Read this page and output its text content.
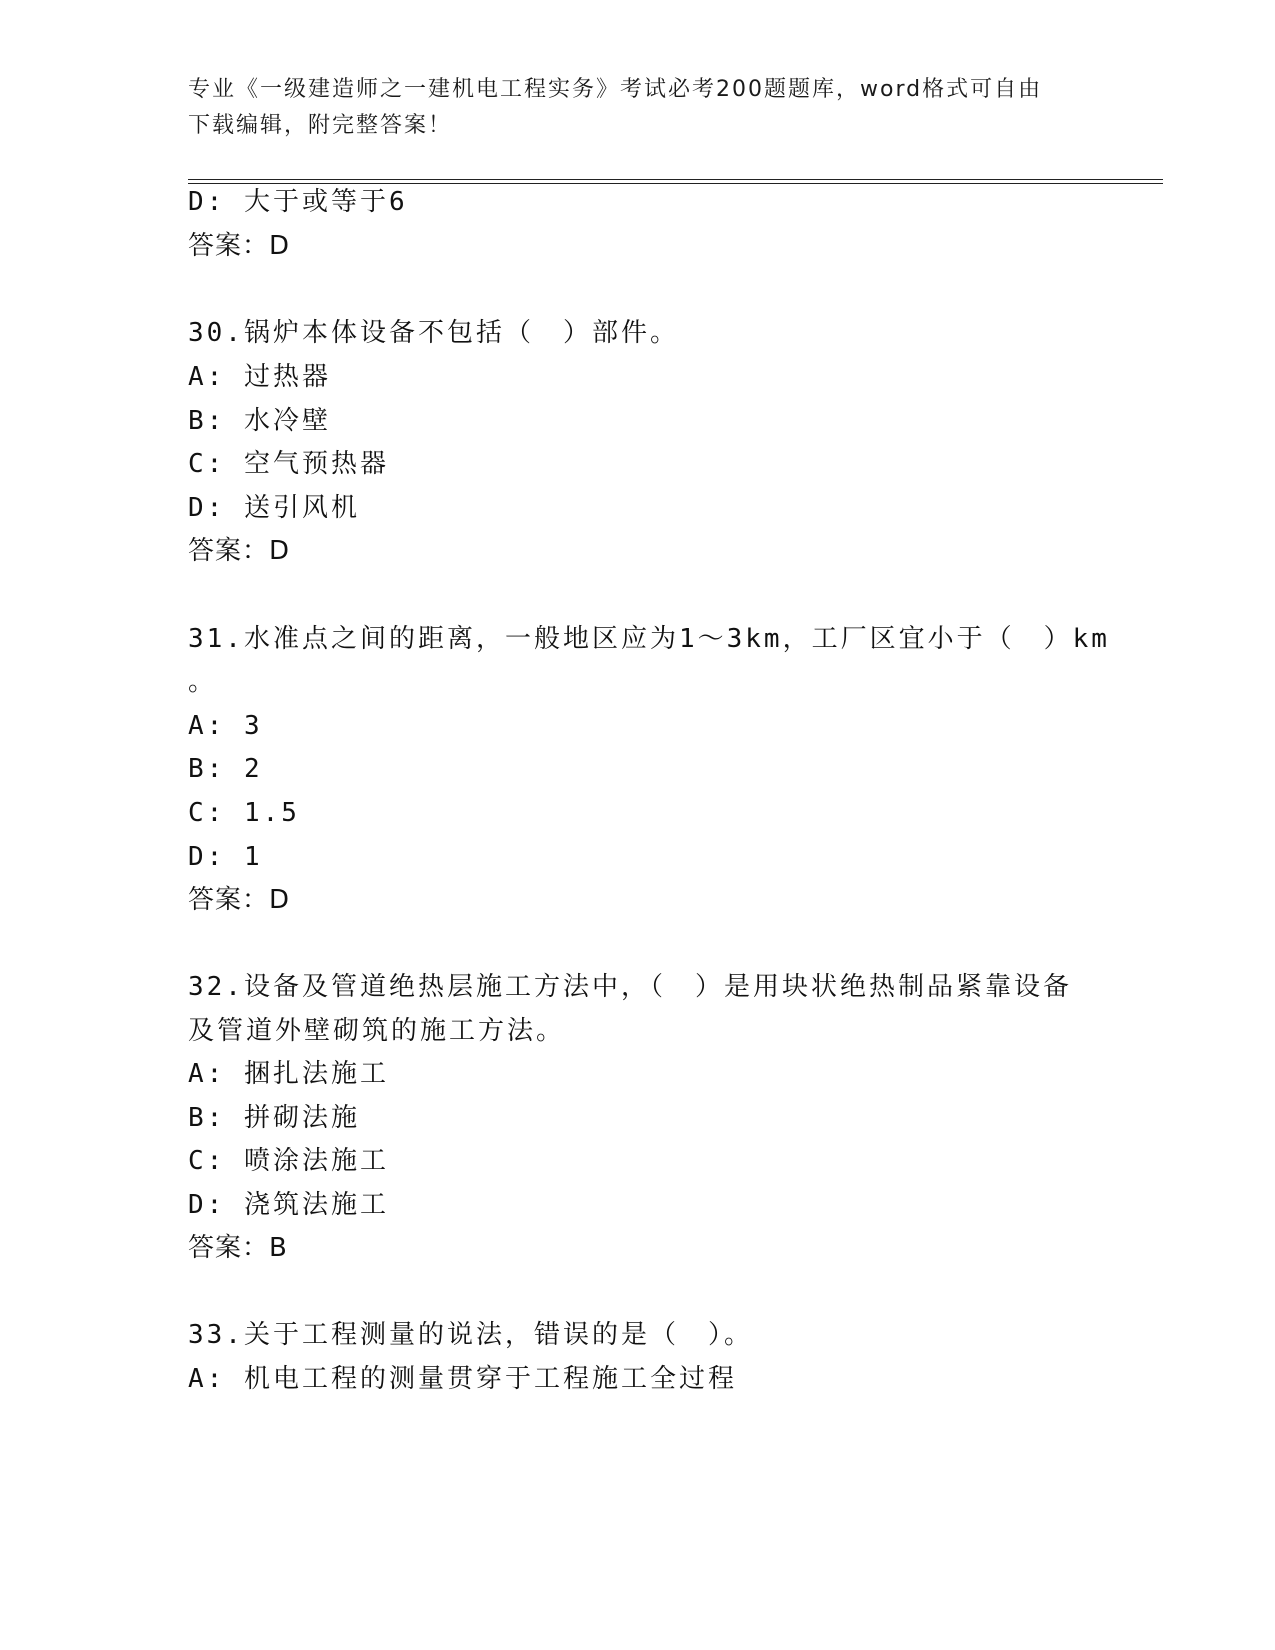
专业《一级建造师之一建机电工程实务》考试必考200题题库，word格式可自由
下载编辑，附完整答案！
D: 大于或等于6
答案：D
30.锅炉本体设备不包括（　）部件。
A: 过热器
B: 水冷壁
C: 空气预热器
D: 送引风机
答案：D
31.水准点之间的距离，一般地区应为1～3km，工厂区宜小于（　）km
。
A: 3
B: 2
C: 1.5
D: 1
答案：D
32.设备及管道绝热层施工方法中，（　）是用块状绝热制品紧靠设备
及管道外壁砌筑的施工方法。
A: 捆扎法施工
B: 拼砌法施
C: 喷涂法施工
D: 浇筑法施工
答案：B
33.关于工程测量的说法，错误的是（　）。
A: 机电工程的测量贯穿于工程施工全过程
